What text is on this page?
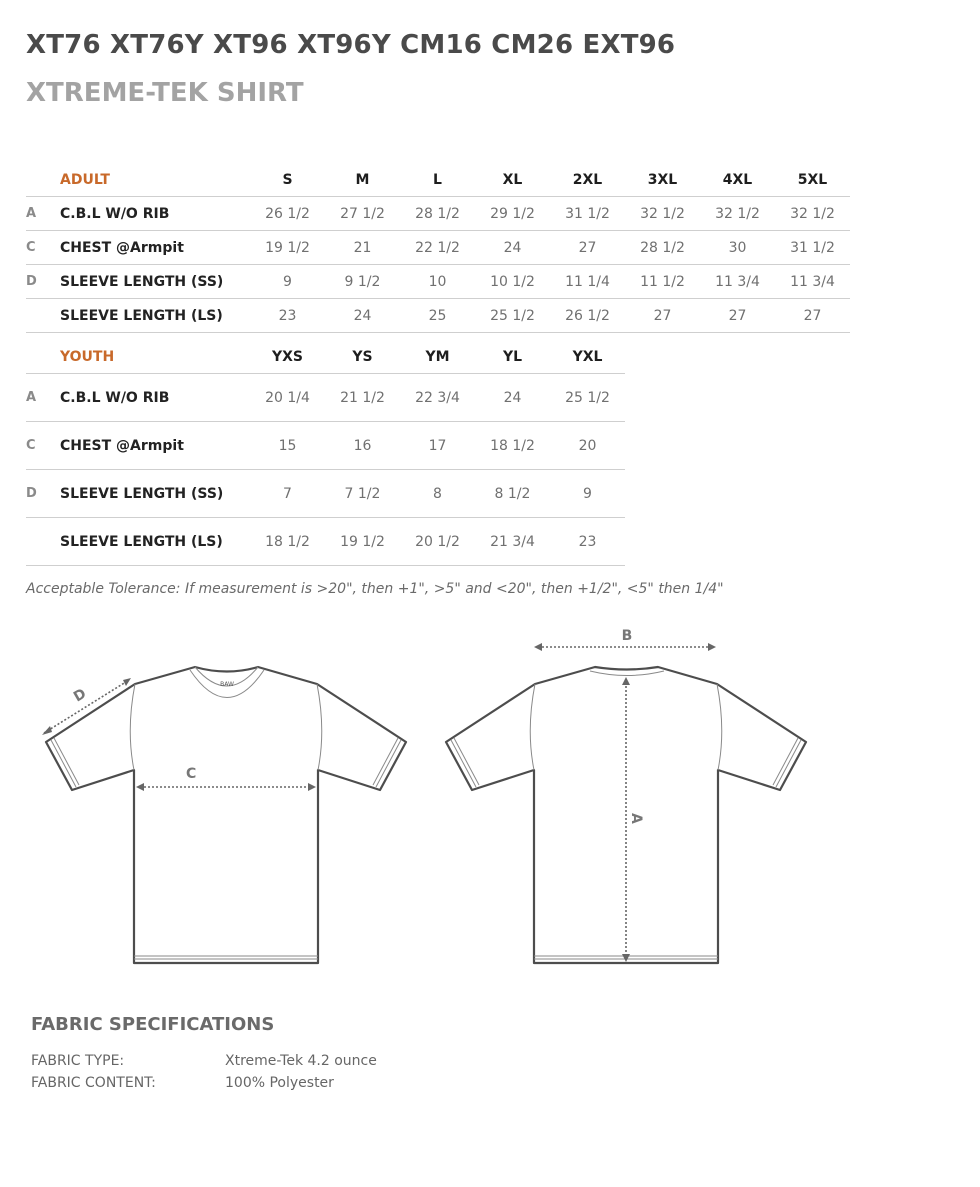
XT76 XT76Y XT96 XT96Y CM16 CM26 EXT96
XTREME-TEK SHIRT
	ADULT	S	M	L	XL	2XL	3XL	4XL	5XL
A	C.B.L W/O RIB	26 1/2	27 1/2	28 1/2	29 1/2	31 1/2	32 1/2	32 1/2	32 1/2
C	CHEST @Armpit	19 1/2	21	22 1/2	24	27	28 1/2	30	31 1/2
D	SLEEVE LENGTH (SS)	9	9 1/2	10	10 1/2	11 1/4	11 1/2	11 3/4	11 3/4
	SLEEVE LENGTH (LS)	23	24	25	25 1/2	26 1/2	27	27	27
	YOUTH	YXS	YS	YM	YL	YXL
A	C.B.L W/O RIB	20 1/4	21 1/2	22 3/4	24	25 1/2
C	CHEST @Armpit	15	16	17	18 1/2	20
D	SLEEVE LENGTH (SS)	7	7 1/2	8	8 1/2	9
	SLEEVE LENGTH (LS)	18 1/2	19 1/2	20 1/2	21 3/4	23

Acceptable Tolerance: If measurement is >20", then +1", >5" and <20", then +1/2", <5" then 1/4"

BAW
D
C
B
A
FABRIC SPECIFICATIONS
FABRIC TYPE:	Xtreme-Tek 4.2 ounce
FABRIC CONTENT:	100% Polyester
